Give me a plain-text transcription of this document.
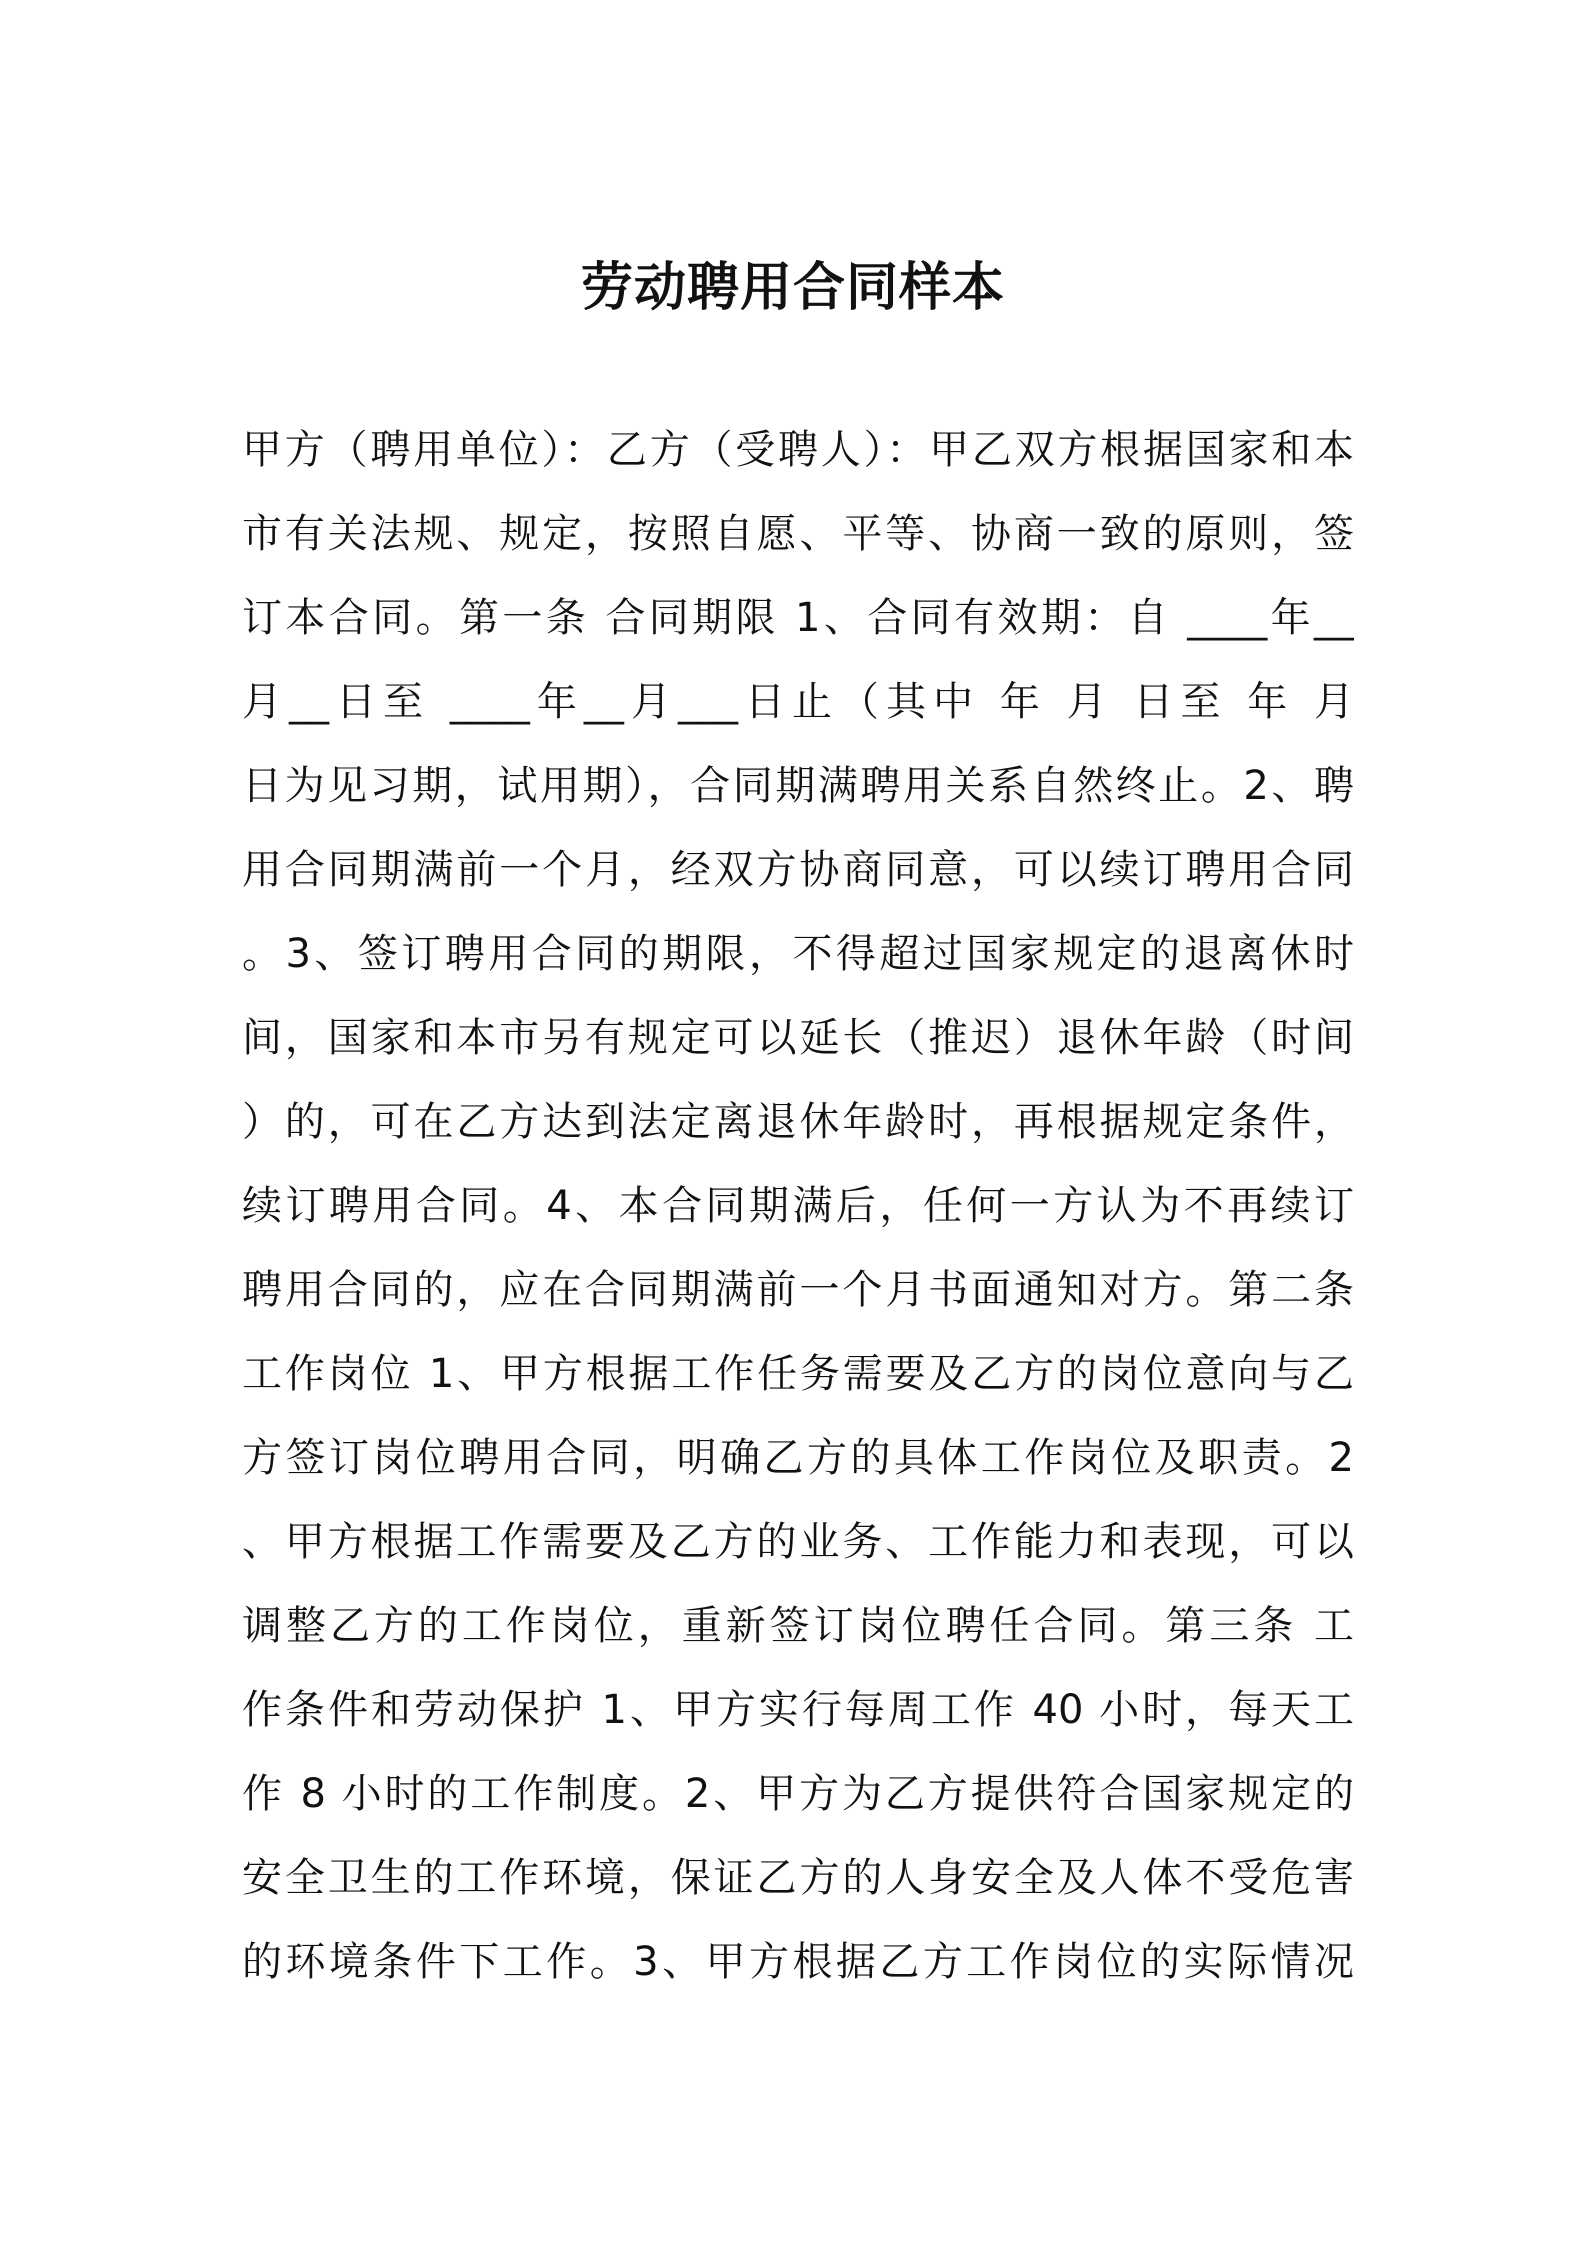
劳动聘用合同样本
甲方（聘用单位）：乙方（受聘人）：甲乙双方根据国家和本
市有关法规、规定，按照自愿、平等、协商一致的原则，签
订本合同。第一条 合同期限 1、合同有效期：自 ____年__
月__日至 ____年__月___日止（其中 年 月 日至 年 月
日为见习期，试用期），合同期满聘用关系自然终止。2、聘
用合同期满前一个月，经双方协商同意，可以续订聘用合同
。3、签订聘用合同的期限，不得超过国家规定的退离休时
间，国家和本市另有规定可以延长（推迟）退休年龄（时间
）的，可在乙方达到法定离退休年龄时，再根据规定条件，
续订聘用合同。4、本合同期满后，任何一方认为不再续订
聘用合同的，应在合同期满前一个月书面通知对方。第二条
工作岗位 1、甲方根据工作任务需要及乙方的岗位意向与乙
方签订岗位聘用合同，明确乙方的具体工作岗位及职责。2
、甲方根据工作需要及乙方的业务、工作能力和表现，可以
调整乙方的工作岗位，重新签订岗位聘任合同。第三条 工
作条件和劳动保护 1、甲方实行每周工作 40 小时，每天工
作 8 小时的工作制度。2、甲方为乙方提供符合国家规定的
安全卫生的工作环境，保证乙方的人身安全及人体不受危害
的环境条件下工作。3、甲方根据乙方工作岗位的实际情况
